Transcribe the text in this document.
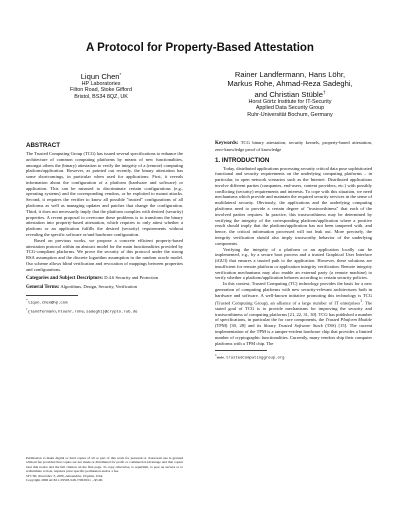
A Protocol for Property-Based Attestation
Liqun Chen*
HP Laboratories
Filton Road, Stoke Gifford
Bristol, BS34 8QZ, UK
Rainer Landfermann, Hans Löhr,
Markus Rohe, Ahmad-Reza Sadeghi,
and Christian Stüble†
Horst Görtz Institute for IT-Security
Applied Data Security Group
Ruhr-Universität Bochum, Germany
ABSTRACT

The Trusted Computing Group (TCG) has issued several specifications to enhance the architecture of common computing platforms by means of new functionalities, amongst others the (binary) attestation to verify the integrity of a (remote) computing platform/application. However, as pointed out recently, the binary attestation has some shortcomings, in particular when used for applications: First, it reveals information about the configuration of a platform (hardware and software) or application. This can be misused to discriminate certain configurations (e.g., operating systems) and the corresponding vendors, or be exploited to mount attacks. Second, it requires the verifier to know all possible "trusted" configurations of all platforms as well as managing updates and patches that change the configuration. Third, it does not necessarily imply that the platform complies with desired (security) properties. A recent proposal to overcome these problems is to transform the binary attestation into property-based attestation, which requires to only attest whether a platform or an application fulfills the desired (security) requirements without revealing the specific software or/and hardware configuration.

Based on previous works, we propose a concrete efficient property-based attestation protocol within an abstract model for the main functionalities provided by TCG-compliant platforms. We prove the security of this protocol under the strong RSA assumption and the discrete logarithm assumption in the random oracle model. Our scheme allows blind verification and revocation of mappings between properties and configurations.

Categories and Subject Descriptors: D.4.6 Security and Protection

General Terms: Algorithms, Design, Security, Verification

*liqun.chen@hp.com
†{landfermann,hloehr,rohe,sadeghi}@crypto.rub.de
Permission to make digital or hard copies of all or part of this work for personal or classroom use is granted without fee provided that copies are not made or distributed for profit or commercial advantage and that copies bear this notice and the full citation on the first page. To copy otherwise, to republish, to post on servers or to redistribute to lists, requires prior specific permission and/or a fee.
STC'06, November 3, 2006, Alexandria, Virginia, USA.
Copyright 2006 ACM 1-59593-548-7/06/0011 ...$5.00.

Keywords: TCG binary attestation, security kernels, property-based attestation, zero-knowledge proof of knowledge

1. INTRODUCTION

Today, distributed applications processing security critical data pose sophisticated functional and security requirements on the underlying computing platforms – in particular, in open network scenarios such as the Internet. Distributed applications involve different parties (companies, end-users, content providers, etc.) with possibly conflicting (security) requirements and interests. To cope with this situation, we need mechanisms which provide and maintain the required security services in the sense of multilateral security. Obviously, the applications and the underlying computing platforms need to provide a certain degree of "trustworthiness" that each of the involved parties requires. In practice, this trustworthiness may be determined by verifying the integrity of the corresponding platform/application where a positive result should imply that the platform/application has not been tampered with, and hence, the critical information processed will not leak out. More precisely, the integrity verification should also imply trustworthy behavior of the underlying components.

Verifying the integrity of a platform or an application locally can be implemented, e.g., by a secure boot process and a trusted Graphical User Interface (tGUI) that ensures a trusted path to the application. However, these solutions are insufficient for remote platform or application integrity verification. Remote integrity verification mechanisms may also enable an external party (a remote machine) to verify whether a platform/application behaves according to certain security policies.

In this context, Trusted Computing (TC) technology provides the basis for a new generation of computing platforms with new security-relevant architectures both in hardware and software. A well-known initiative promoting this technology is TCG (Trusted Computing Group), an alliance of a large number of IT enterprises$^1$. The stated goal of TCG is to provide mechanisms for improving the security and trustworthiness of computing platforms [21, 22, 31, 30]. TCG has published a number of specifications, in particular the for core components, the Trusted Platform Module (TPM) [30, 28] and its library Trusted Software Stack (TSS) [15]. The current implementation of the TPM is a tamper-evident hardware chip that provides a limited number of cryptographic functionalities. Currently, many vendors ship their computer platforms with a TPM chip. The

$^1$www.trustedcomputinggroup.org
